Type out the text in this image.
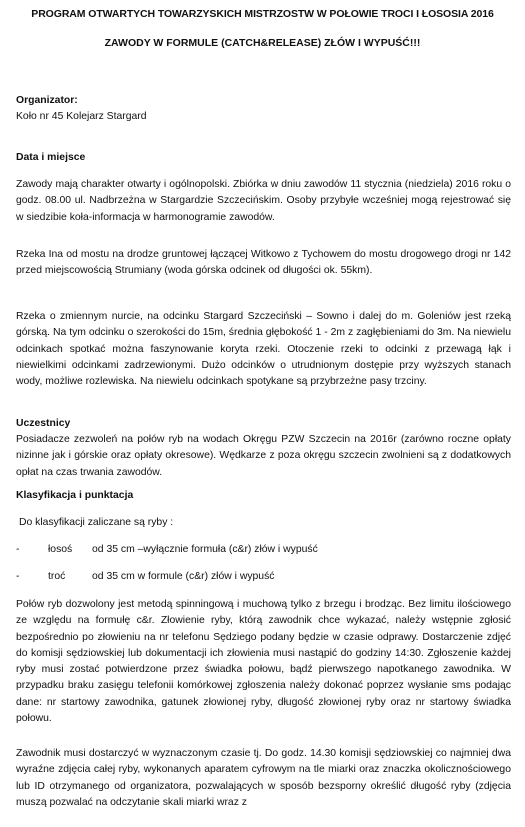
PROGRAM OTWARTYCH TOWARZYSKICH MISTRZOSTW W POŁOWIE TROCI I ŁOSOSIA 2016
ZAWODY W FORMULE (CATCH&RELEASE) ZŁÓW I WYPUŚĆ!!!
Organizator:
Koło nr 45 Kolejarz Stargard
Data i miejsce
Zawody mają charakter otwarty i ogólnopolski. Zbiórka w dniu zawodów 11 stycznia (niedziela) 2016 roku o godz. 08.00 ul. Nadbrzeżna w Stargardzie Szczecińskim. Osoby przybyłe wcześniej mogą rejestrować się w siedzibie koła-informacja w harmonogramie zawodów.
Rzeka Ina od mostu na drodze gruntowej łączącej Witkowo z Tychowem do mostu drogowego drogi nr 142 przed miejscowością Strumiany (woda górska odcinek od długości ok. 55km).
Rzeka o zmiennym nurcie, na odcinku Stargard Szczeciński – Sowno i dalej do m. Goleniów jest rzeką górską. Na tym odcinku o szerokości do 15m, średnia głębokość 1 - 2m z zagłębieniami do 3m. Na niewielu odcinkach spotkać można faszynowanie koryta rzeki. Otoczenie rzeki to odcinki z przewagą łąk i niewielkimi odcinkami zadrzewionymi. Dużo odcinków o utrudnionym dostępie przy wyższych stanach wody, możliwe rozlewiska. Na niewielu odcinkach spotykane są przybrzeżne pasy trzciny.
Uczestnicy
Posiadacze zezwoleń na połów ryb na wodach Okręgu PZW Szczecin na 2016r (zarówno roczne opłaty nizinne jak i górskie oraz opłaty okresowe). Wędkarze z poza okręgu szczecin zwolnieni są z dodatkowych opłat na czas trwania zawodów.
Klasyfikacja i punktacja
Do klasyfikacji zaliczane są ryby :
-	łosoś od 35 cm –wyłącznie formuła (c&r) złów i wypuść
-	troć	od 35 cm w formule (c&r) złów i wypuść
Połów ryb dozwolony jest metodą spinningową i muchową tylko z brzegu i brodząc. Bez limitu ilościowego ze względu na formułę c&r. Złowienie ryby, którą zawodnik chce wykazać, należy wstępnie zgłosić bezpośrednio po złowieniu na nr telefonu Sędziego podany będzie w czasie odprawy. Dostarczenie zdjęć do komisji sędziowskiej lub dokumentacji ich złowienia musi nastąpić do godziny 14:30. Zgłoszenie każdej ryby musi zostać potwierdzone przez świadka połowu, bądź pierwszego napotkanego zawodnika. W przypadku braku zasięgu telefonii komórkowej zgłoszenia należy dokonać poprzez wysłanie sms podając dane: nr startowy zawodnika, gatunek złowionej ryby, długość złowionej ryby oraz nr startowy świadka połowu.
Zawodnik musi dostarczyć w wyznaczonym czasie tj. Do godz. 14.30 komisji sędziowskiej co najmniej dwa wyraźne zdjęcia całej ryby, wykonanych aparatem cyfrowym na tle miarki oraz znaczka okolicznościowego lub ID otrzymanego od organizatora, pozwalających w sposób bezsporny określić długość ryby (zdjęcia muszą pozwalać na odczytanie skali miarki wraz z
